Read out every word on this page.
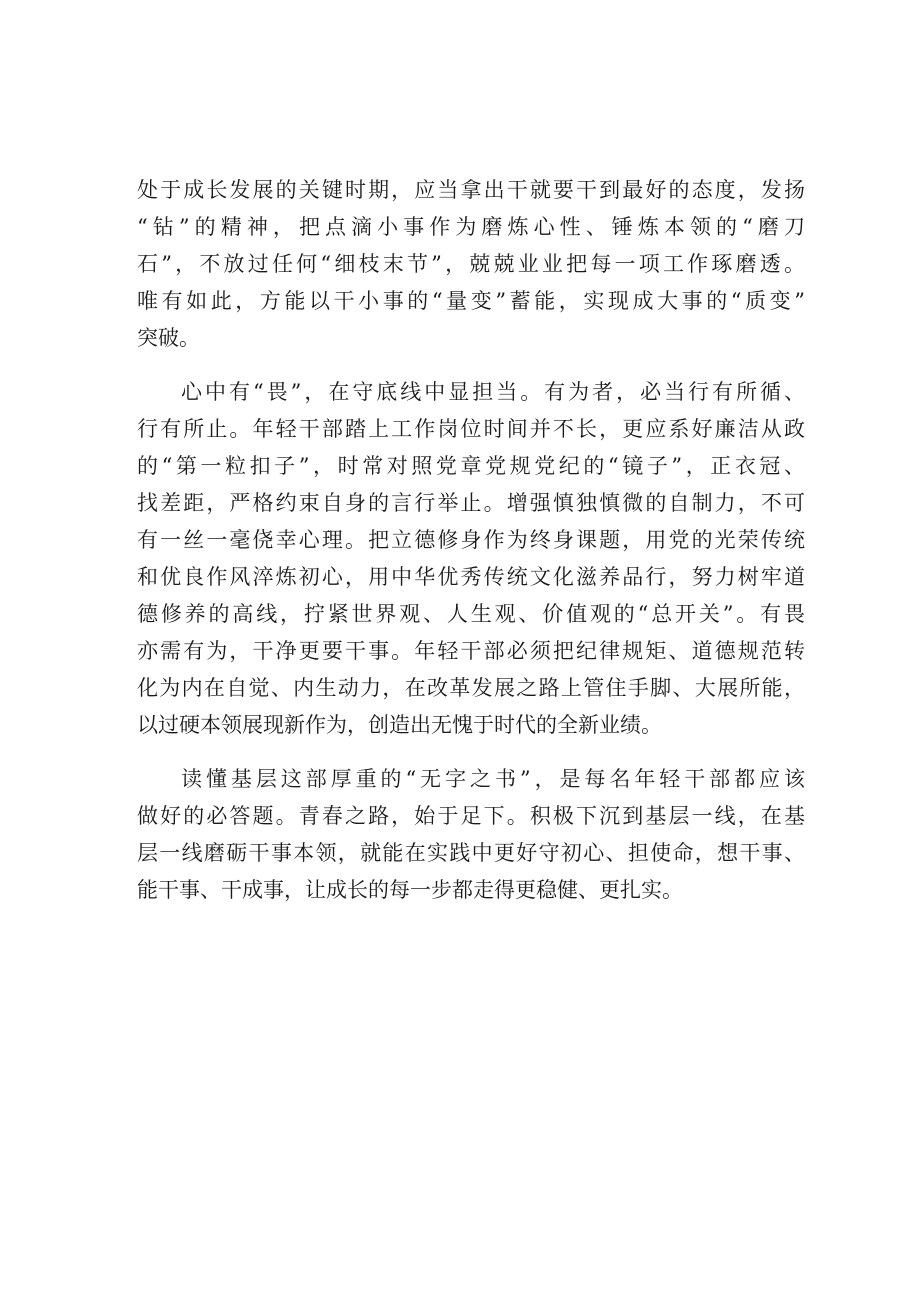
处于成长发展的关键时期，应当拿出干就要干到最好的态度，发扬
“钻”的精神，把点滴小事作为磨炼心性、锤炼本领的“磨刀
石”，不放过任何“细枝末节”，兢兢业业把每一项工作琢磨透。
唯有如此，方能以干小事的“量变”蓄能，实现成大事的“质变”
突破。
心中有“畏”，在守底线中显担当。有为者，必当行有所循、
行有所止。年轻干部踏上工作岗位时间并不长，更应系好廉洁从政
的“第一粒扣子”，时常对照党章党规党纪的“镜子”，正衣冠、
找差距，严格约束自身的言行举止。增强慎独慎微的自制力，不可
有一丝一毫侥幸心理。把立德修身作为终身课题，用党的光荣传统
和优良作风淬炼初心，用中华优秀传统文化滋养品行，努力树牢道
德修养的高线，拧紧世界观、人生观、价值观的“总开关”。有畏
亦需有为，干净更要干事。年轻干部必须把纪律规矩、道德规范转
化为内在自觉、内生动力，在改革发展之路上管住手脚、大展所能，
以过硬本领展现新作为，创造出无愧于时代的全新业绩。
读懂基层这部厚重的“无字之书”，是每名年轻干部都应该
做好的必答题。青春之路，始于足下。积极下沉到基层一线，在基
层一线磨砺干事本领，就能在实践中更好守初心、担使命，想干事、
能干事、干成事，让成长的每一步都走得更稳健、更扎实。
